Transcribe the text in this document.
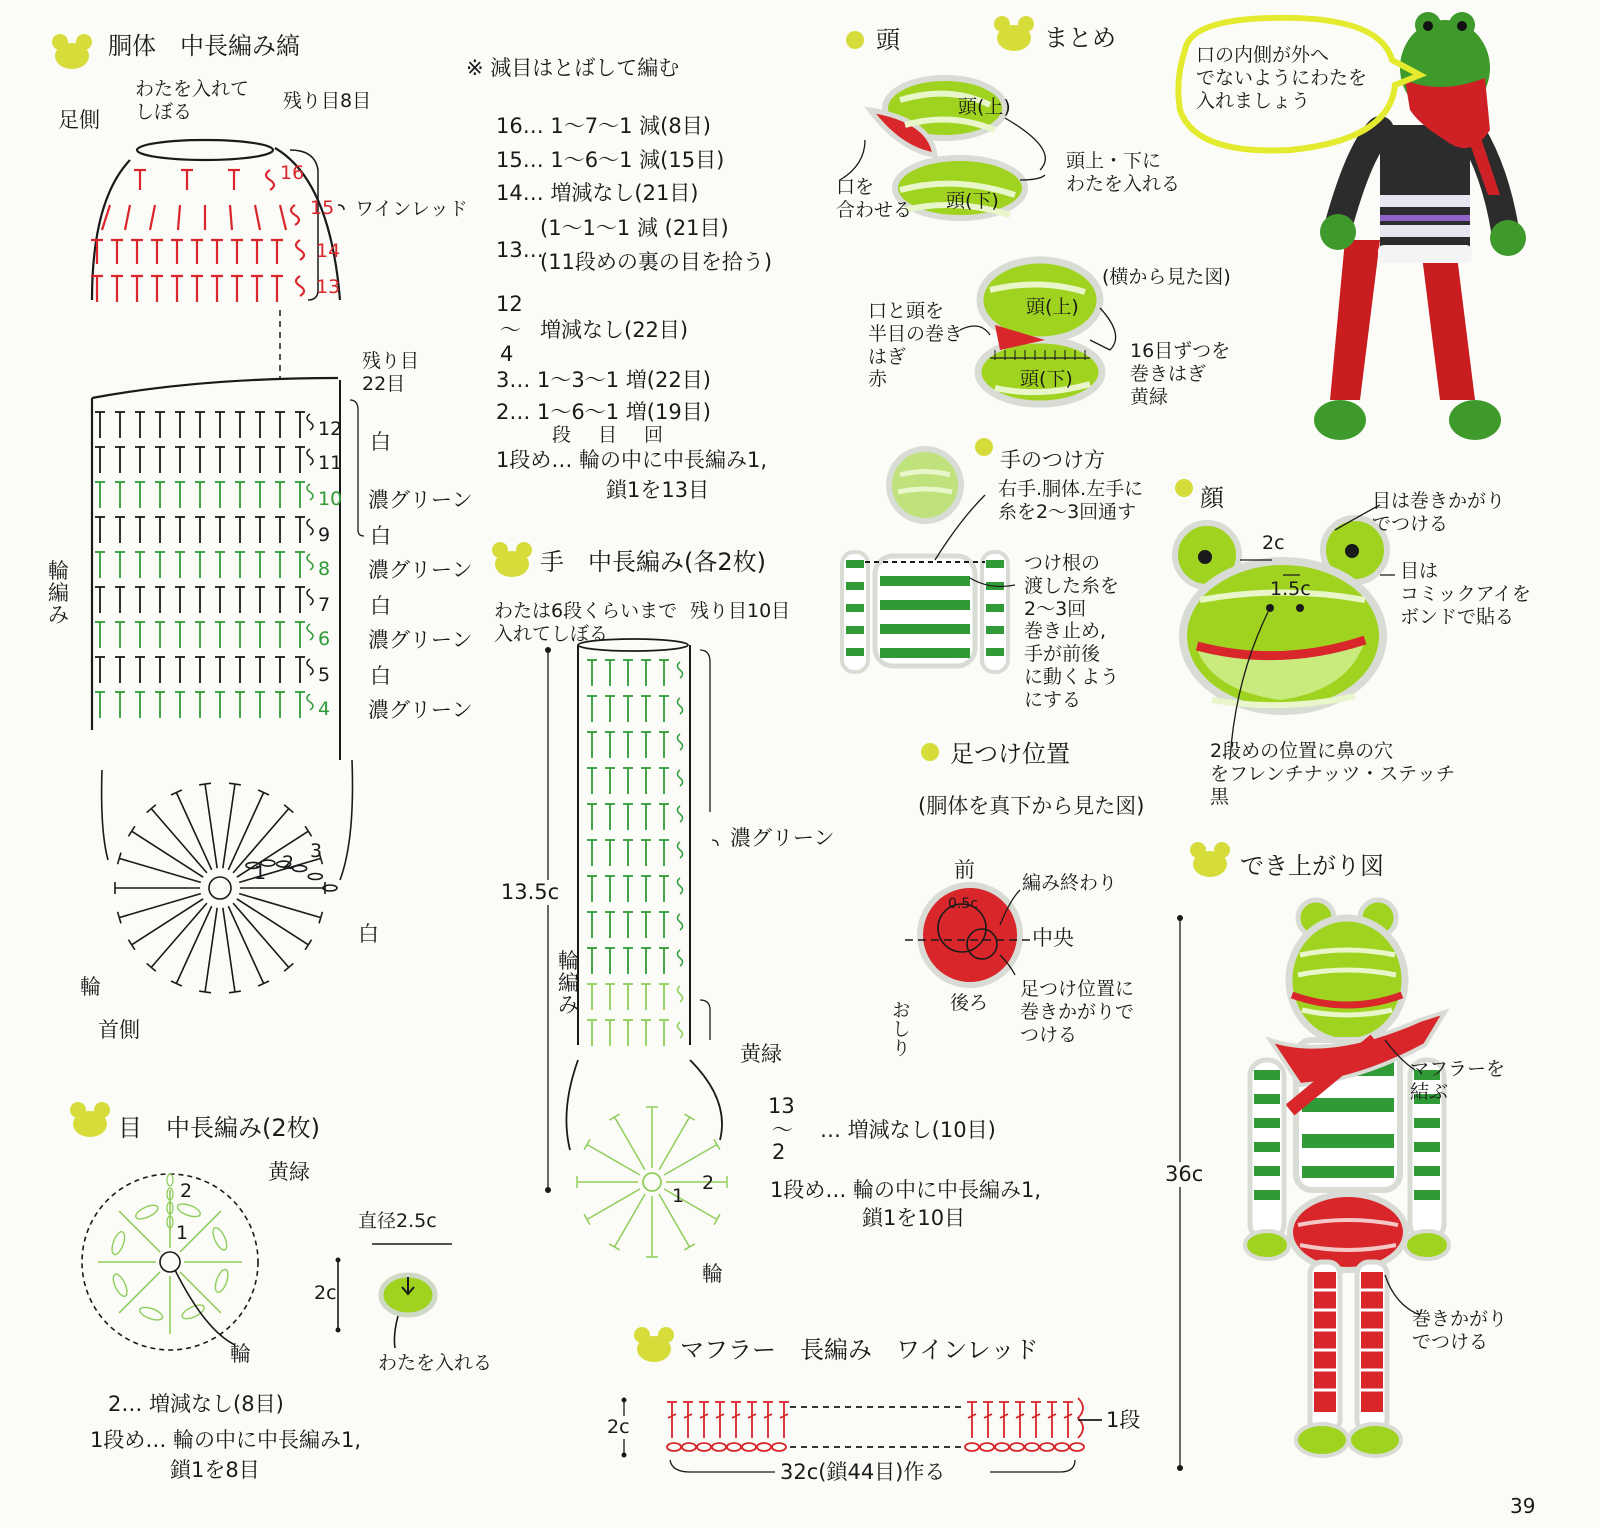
胴体　中長編み縞
足側
わたを入れて
しぼる	残り目8目
ワインレッド
16
15
14
13
残り目
22目
12
11
10
9
8
7
6
5
4
白
濃グリーン
白
濃グリーン
白
濃グリーン
白
濃グリーン
輪
編
み
1 2
3
白
輪
首側
※ 減目はとばして編む
16… 1～7～1 減(8目)
15… 1～6～1 減(15目)
14… 増減なし(21目)
13…
(1～1～1 減 (21目)
(11段めの裏の目を拾う)
12
～
4
増減なし(22目)
3… 1～3～1 増(22目)
2… 1～6～1 増(19目)
段　目　回
1段め… 輪の中に中長編み1,
鎖1を13目
手　中長編み(各2枚)
わたは6段くらいまで
入れてしぼる
残り目10目
13.5c
輪
編
み
濃グリーン
黄緑
輪
1
2
13
～
2
… 増減なし(10目)
1段め… 輪の中に中長編み1,
鎖1を10目
目　中長編み(2枚)
黄緑
2
1
輪
直径2.5c
2c
わたを入れる
2… 増減なし(8目)
1段め… 輪の中に中長編み1,
鎖1を8目
マフラー　長編み　ワインレッド
2c	1段
32c(鎖44目)作る
頭
頭(上)
頭(下)
口を
合わせる
頭上・下に
わたを入れる
(横から見た図)
頭(上)
頭(下)
口と頭を
半目の巻き
はぎ
赤
16目ずつを
巻きはぎ
黄緑
まとめ
口の内側が外へ
でないようにわたを
入れましょう
手のつけ方
右手.胴体.左手に
糸を2～3回通す
つけ根の
渡した糸を
2～3回
巻き止め,
手が前後
に動くよう
にする
顔	目は巻きかがり
でつける
目は
コミックアイを
ボンドで貼る
2c
1.5c
2段めの位置に鼻の穴
をフレンチナッツ・ステッチ
黒
足つけ位置
(胴体を真下から見た図)
前
0.5c
編み終わり
中央
後ろ
おしり
足つけ位置に
巻きかがりで
つける
でき上がり図
36c
マフラーを
結ぶ
巻きかがり
でつける
39
